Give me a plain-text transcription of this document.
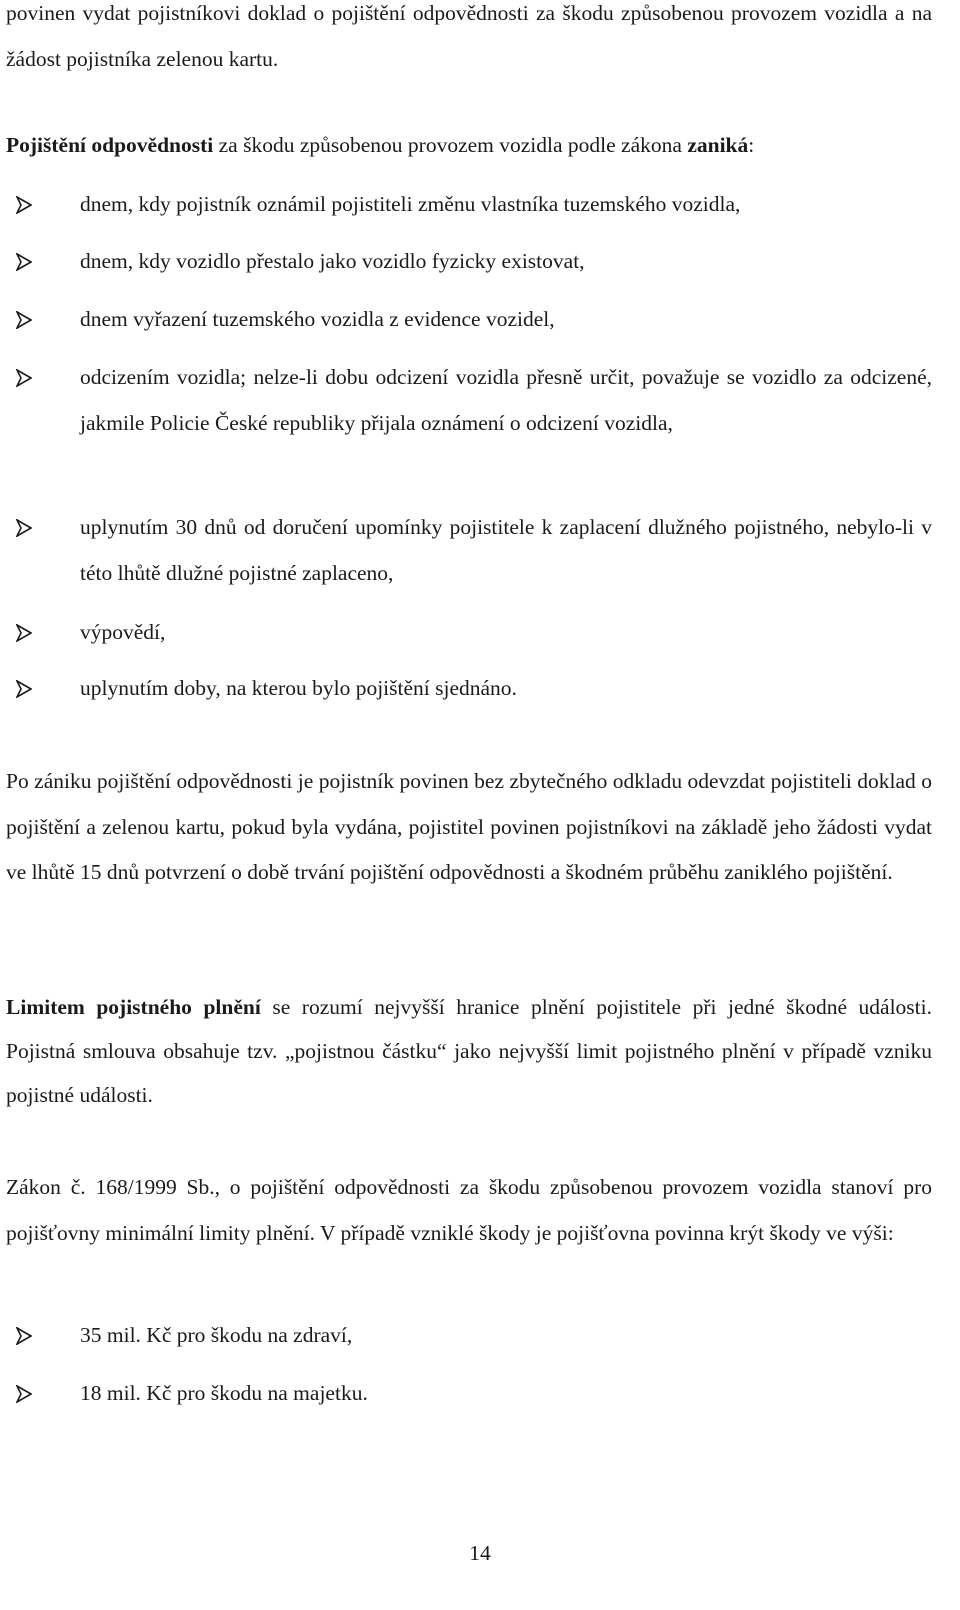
povinen vydat pojistníkovi doklad o pojištění odpovědnosti za škodu způsobenou provozem vozidla a na žádost pojistníka zelenou kartu.

Pojištění odpovědnosti za škodu způsobenou provozem vozidla podle zákona zaniká:

dnem, kdy pojistník oznámil pojistiteli změnu vlastníka tuzemského vozidla,
dnem, kdy vozidlo přestalo jako vozidlo fyzicky existovat,
dnem vyřazení tuzemského vozidla z evidence vozidel,
odcizením vozidla; nelze-li dobu odcizení vozidla přesně určit, považuje se vozidlo za odcizené, jakmile Policie České republiky přijala oznámení o odcizení vozidla,
uplynutím 30 dnů od doručení upomínky pojistitele k zaplacení dlužného pojistného, nebylo-li v této lhůtě dlužné pojistné zaplaceno,
výpovědí,
uplynutím doby, na kterou bylo pojištění sjednáno.

Po zániku pojištění odpovědnosti je pojistník povinen bez zbytečného odkladu odevzdat pojistiteli doklad o pojištění a zelenou kartu, pokud byla vydána, pojistitel povinen pojistníkovi na základě jeho žádosti vydat ve lhůtě 15 dnů potvrzení o době trvání pojištění odpovědnosti a škodném průběhu zaniklého pojištění.

Limitem pojistného plnění se rozumí nejvyšší hranice plnění pojistitele při jedné škodné události. Pojistná smlouva obsahuje tzv. „pojistnou částku“ jako nejvyšší limit pojistného plnění v případě vzniku pojistné události.

Zákon č. 168/1999 Sb., o pojištění odpovědnosti za škodu způsobenou provozem vozidla stanoví pro pojišťovny minimální limity plnění. V případě vzniklé škody je pojišťovna povinna krýt škody ve výši:

35 mil. Kč pro škodu na zdraví,
18 mil. Kč pro škodu na majetku.
14
